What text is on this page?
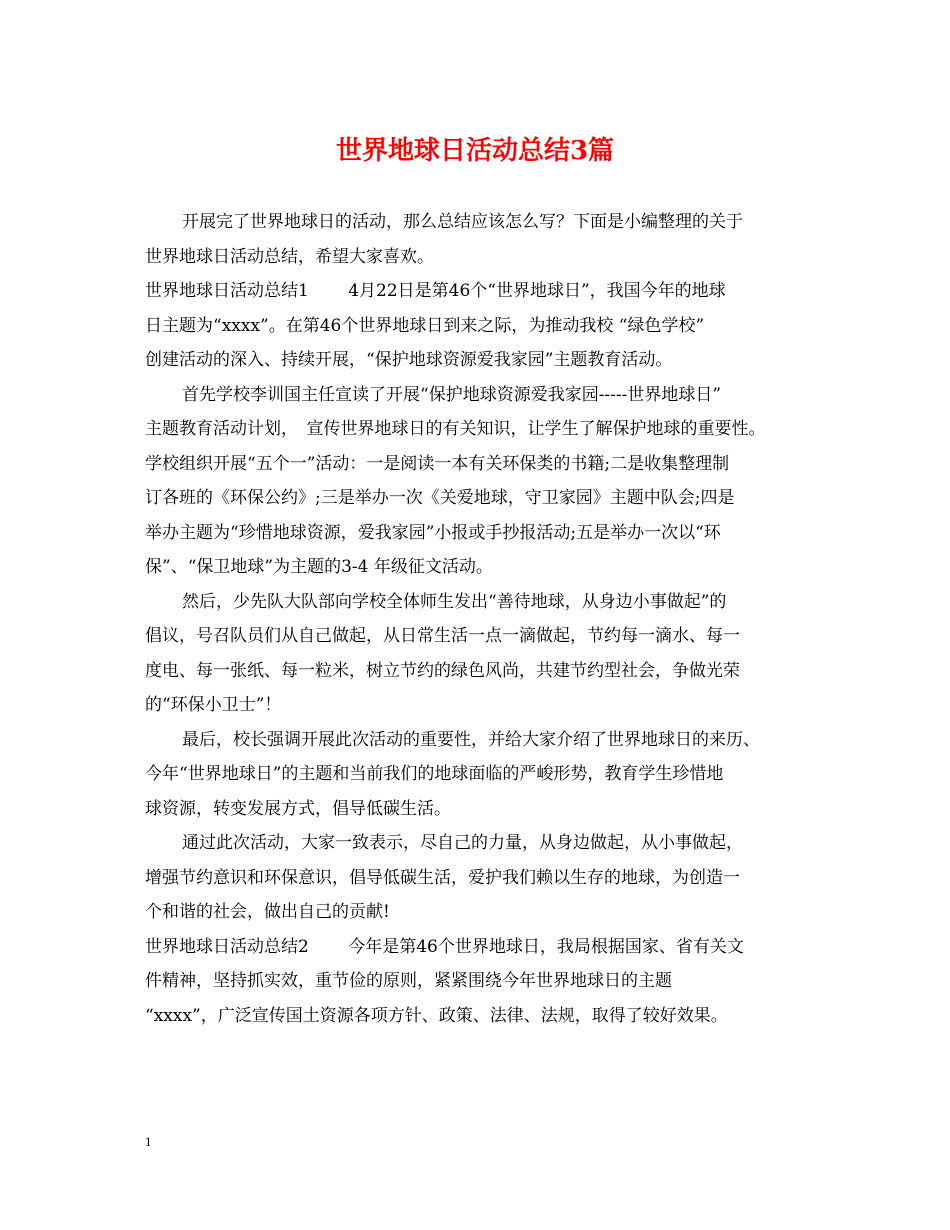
世界地球日活动总结3篇
开展完了世界地球日的活动，那么总结应该怎么写？下面是小编整理的关于
世界地球日活动总结，希望大家喜欢。
世界地球日活动总结1　　 4月22日是第46个“世界地球日”，我国今年的地球
日主题为“xxxx”。在第46个世界地球日到来之际，为推动我校 “绿色学校”
创建活动的深入、持续开展，“保护地球资源爱我家园”主题教育活动。
首先学校李训国主任宣读了开展“保护地球资源爱我家园-----世界地球日”
主题教育活动计划，　宣传世界地球日的有关知识，让学生了解保护地球的重要性。
学校组织开展“五个一”活动：一是阅读一本有关环保类的书籍;二是收集整理制
订各班的《环保公约》;三是举办一次《关爱地球，守卫家园》主题中队会;四是
举办主题为“珍惜地球资源，爱我家园”小报或手抄报活动;五是举办一次以“环
保”、“保卫地球”为主题的3-4 年级征文活动。
然后，少先队大队部向学校全体师生发出“善待地球，从身边小事做起”的
倡议，号召队员们从自己做起，从日常生活一点一滴做起，节约每一滴水、每一
度电、每一张纸、每一粒米，树立节约的绿色风尚，共建节约型社会，争做光荣
的“环保小卫士”！
最后，校长强调开展此次活动的重要性，并给大家介绍了世界地球日的来历、
今年“世界地球日”的主题和当前我们的地球面临的严峻形势，教育学生珍惜地
球资源，转变发展方式，倡导低碳生活。
通过此次活动，大家一致表示，尽自己的力量，从身边做起，从小事做起，
增强节约意识和环保意识，倡导低碳生活，爱护我们赖以生存的地球，为创造一
个和谐的社会，做出自己的贡献!
世界地球日活动总结2　　 今年是第46个世界地球日，我局根据国家、省有关文
件精神，坚持抓实效，重节俭的原则，紧紧围绕今年世界地球日的主题
“xxxx”，广泛宣传国土资源各项方针、政策、法律、法规，取得了较好效果。
1
